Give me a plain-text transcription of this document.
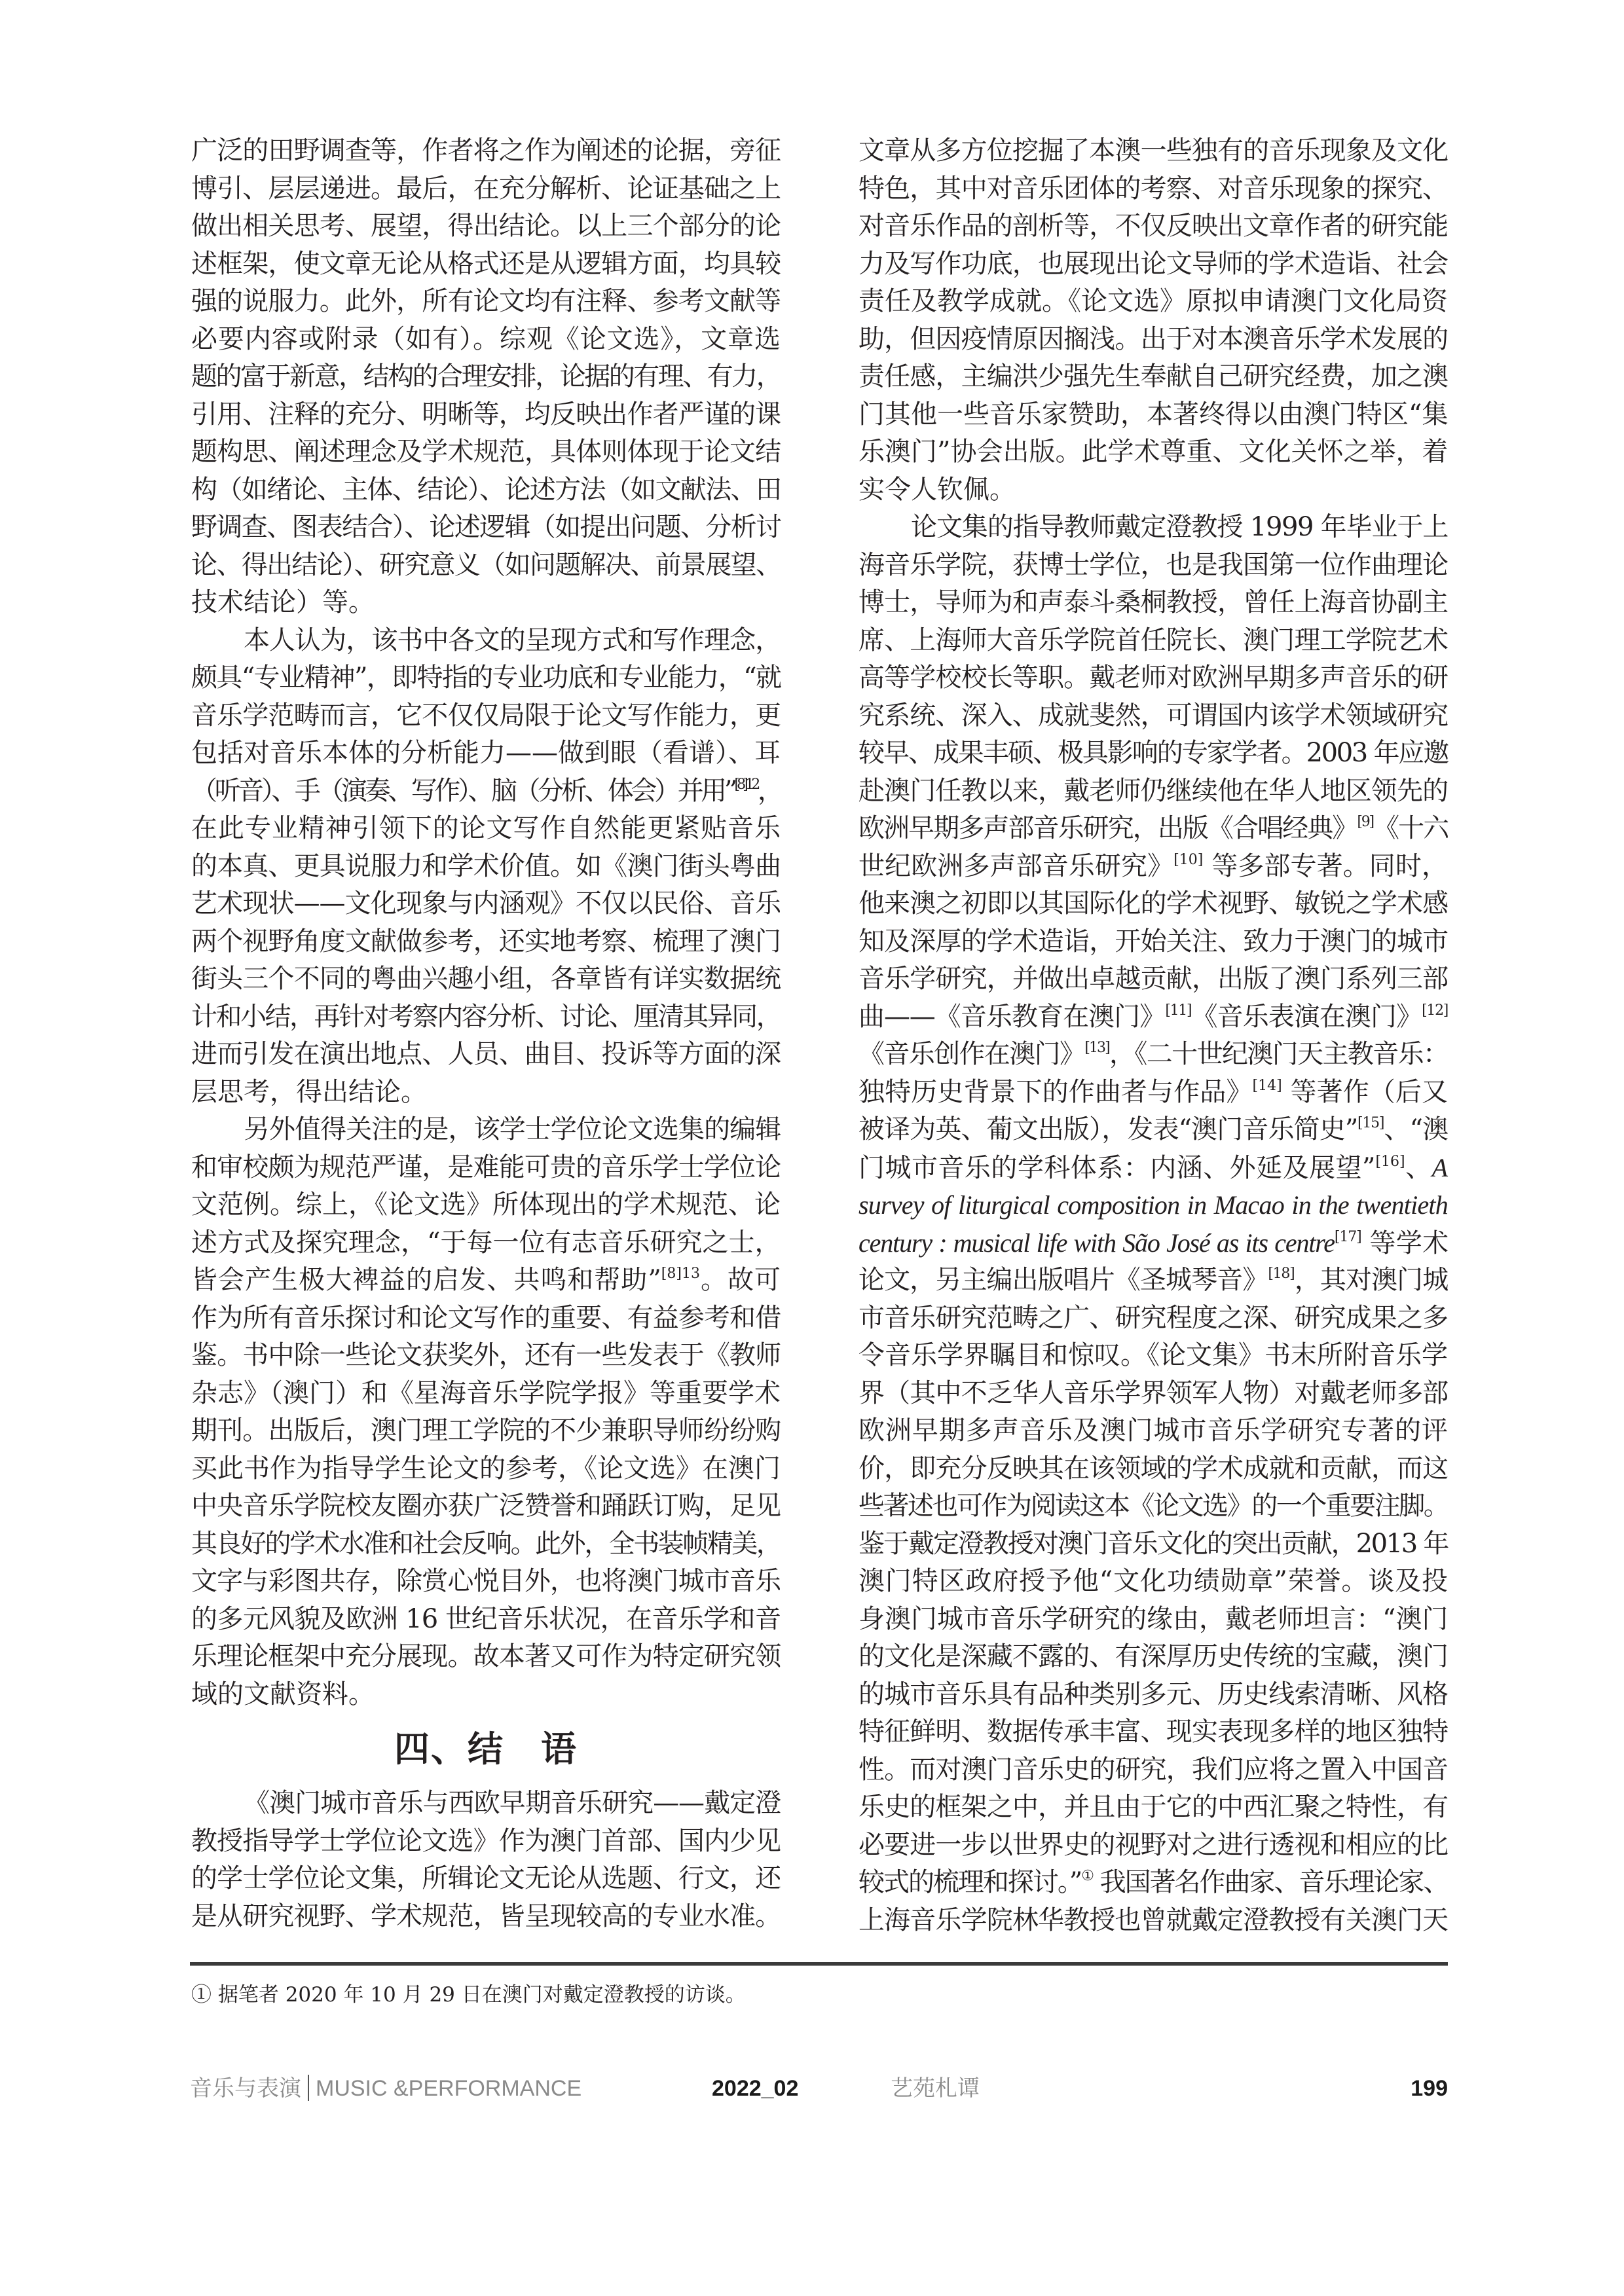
广泛的田野调查等，作者将之作为阐述的论据，旁征
博引、层层递进。最后，在充分解析、论证基础之上
做出相关思考、展望，得出结论。以上三个部分的论
述框架，使文章无论从格式还是从逻辑方面，均具较
强的说服力。此外，所有论文均有注释、参考文献等
必要内容或附录（如有）。综观《论文选》，文章选
题的富于新意，结构的合理安排，论据的有理、有力，
引用、注释的充分、明晰等，均反映出作者严谨的课
题构思、阐述理念及学术规范，具体则体现于论文结
构（如绪论、主体、结论）、论述方法（如文献法、田
野调查、图表结合）、论述逻辑（如提出问题、分析讨
论、得出结论）、研究意义（如问题解决、前景展望、
技术结论）等。
本人认为，该书中各文的呈现方式和写作理念，
颇具“专业精神”，即特指的专业功底和专业能力，“就
音乐学范畴而言，它不仅仅局限于论文写作能力，更
包括对音乐本体的分析能力——做到眼（看谱）、耳
（听音）、手（演奏、写作）、脑（分析、体会）并用”$^{[8]12}$，
在此专业精神引领下的论文写作自然能更紧贴音乐
的本真、更具说服力和学术价值。如《澳门街头粤曲
艺术现状——文化现象与内涵观》不仅以民俗、音乐
两个视野角度文献做参考，还实地考察、梳理了澳门
街头三个不同的粤曲兴趣小组，各章皆有详实数据统
计和小结，再针对考察内容分析、讨论、厘清其异同，
进而引发在演出地点、人员、曲目、投诉等方面的深
层思考，得出结论。
另外值得关注的是，该学士学位论文选集的编辑
和审校颇为规范严谨，是难能可贵的音乐学士学位论
文范例。综上，《论文选》所体现出的学术规范、论
述方式及探究理念，“于每一位有志音乐研究之士，
皆会产生极大裨益的启发、共鸣和帮助”$^{[8]13}$。故可
作为所有音乐探讨和论文写作的重要、有益参考和借
鉴。书中除一些论文获奖外，还有一些发表于《教师
杂志》（澳门）和《星海音乐学院学报》等重要学术
期刊。出版后，澳门理工学院的不少兼职导师纷纷购
买此书作为指导学生论文的参考，《论文选》在澳门
中央音乐学院校友圈亦获广泛赞誉和踊跃订购，足见
其良好的学术水准和社会反响。此外，全书装帧精美，
文字与彩图共存，除赏心悦目外，也将澳门城市音乐
的多元风貌及欧洲 16 世纪音乐状况，在音乐学和音
乐理论框架中充分展现。故本著又可作为特定研究领
域的文献资料。
四、结　语
《澳门城市音乐与西欧早期音乐研究——戴定澄
教授指导学士学位论文选》作为澳门首部、国内少见
的学士学位论文集，所辑论文无论从选题、行文，还
是从研究视野、学术规范，皆呈现较高的专业水准。
文章从多方位挖掘了本澳一些独有的音乐现象及文化
特色，其中对音乐团体的考察、对音乐现象的探究、
对音乐作品的剖析等，不仅反映出文章作者的研究能
力及写作功底，也展现出论文导师的学术造诣、社会
责任及教学成就。《论文选》原拟申请澳门文化局资
助，但因疫情原因搁浅。出于对本澳音乐学术发展的
责任感，主编洪少强先生奉献自己研究经费，加之澳
门其他一些音乐家赞助，本著终得以由澳门特区“集
乐澳门”协会出版。此学术尊重、文化关怀之举，着
实令人钦佩。
论文集的指导教师戴定澄教授 1999 年毕业于上
海音乐学院，获博士学位，也是我国第一位作曲理论
博士，导师为和声泰斗桑桐教授，曾任上海音协副主
席、上海师大音乐学院首任院长、澳门理工学院艺术
高等学校校长等职。戴老师对欧洲早期多声音乐的研
究系统、深入、成就斐然，可谓国内该学术领域研究
较早、成果丰硕、极具影响的专家学者。2003 年应邀
赴澳门任教以来，戴老师仍继续他在华人地区领先的
欧洲早期多声部音乐研究，出版《合唱经典》[9]《十六
世纪欧洲多声部音乐研究》[10] 等多部专著。同时，
他来澳之初即以其国际化的学术视野、敏锐之学术感
知及深厚的学术造诣，开始关注、致力于澳门的城市
音乐学研究，并做出卓越贡献，出版了澳门系列三部
曲——《音乐教育在澳门》[11]《音乐表演在澳门》[12]
《音乐创作在澳门》[13]，《二十世纪澳门天主教音乐：
独特历史背景下的作曲者与作品》[14] 等著作（后又
被译为英、葡文出版），发表“澳门音乐简史”[15]、“澳
门城市音乐的学科体系：内涵、外延及展望”[16]、A
survey of liturgical composition in Macao in the twentieth
century : musical life with São José as its centre[17] 等学术
论文，另主编出版唱片《圣城琴音》[18]，其对澳门城
市音乐研究范畴之广、研究程度之深、研究成果之多
令音乐学界瞩目和惊叹。《论文集》书末所附音乐学
界（其中不乏华人音乐学界领军人物）对戴老师多部
欧洲早期多声音乐及澳门城市音乐学研究专著的评
价，即充分反映其在该领域的学术成就和贡献，而这
些著述也可作为阅读这本《论文选》的一个重要注脚。
鉴于戴定澄教授对澳门音乐文化的突出贡献，2013 年
澳门特区政府授予他“文化功绩勋章”荣誉。谈及投
身澳门城市音乐学研究的缘由，戴老师坦言：“澳门
的文化是深藏不露的、有深厚历史传统的宝藏，澳门
的城市音乐具有品种类别多元、历史线索清晰、风格
特征鲜明、数据传承丰富、现实表现多样的地区独特
性。而对澳门音乐史的研究，我们应将之置入中国音
乐史的框架之中，并且由于它的中西汇聚之特性，有
必要进一步以世界史的视野对之进行透视和相应的比
较式的梳理和探讨。”① 我国著名作曲家、音乐理论家、
上海音乐学院林华教授也曾就戴定澄教授有关澳门天
① 据笔者 2020 年 10 月 29 日在澳门对戴定澄教授的访谈。
音乐与表演 MUSIC &PERFORMANCE	2022_02	艺苑札谭	199
